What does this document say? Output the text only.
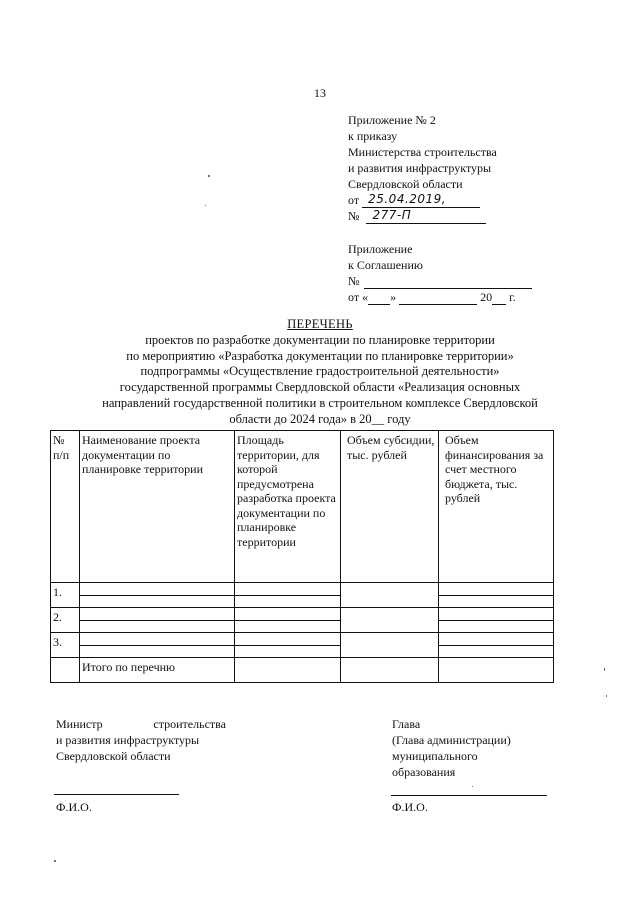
13
Приложение № 2
к приказу
Министерства строительства
и развития инфраструктуры
Свердловской области
от 25.04.2019,
№ 277-П
Приложение
к Соглашению
№
от « »	20 г.
ПЕРЕЧЕНЬ
проектов по разработке документации по планировке территории
по мероприятию «Разработка документации по планировке территории»
подпрограммы «Осуществление градостроительной деятельности»
государственной программы Свердловской области «Реализация основных
направлений государственной политики в строительном комплексе Свердловской
области до 2024 года» в 20__ году
№ п/п	Наименование проекта документации по планировке территории	Площадь территории, для которой предусмотрена разработка проекта документации по планировке территории	Объем субсидии, тыс. рублей	Объем финансирования за счет местного бюджета, тыс. рублей
1.	

2.	

3.	

	Итого по перечню			
Министр	строительства
и развития инфраструктуры
Свердловской области
Ф.И.О.
Глава
(Глава администрации)
муниципального
образования
Ф.И.О.
